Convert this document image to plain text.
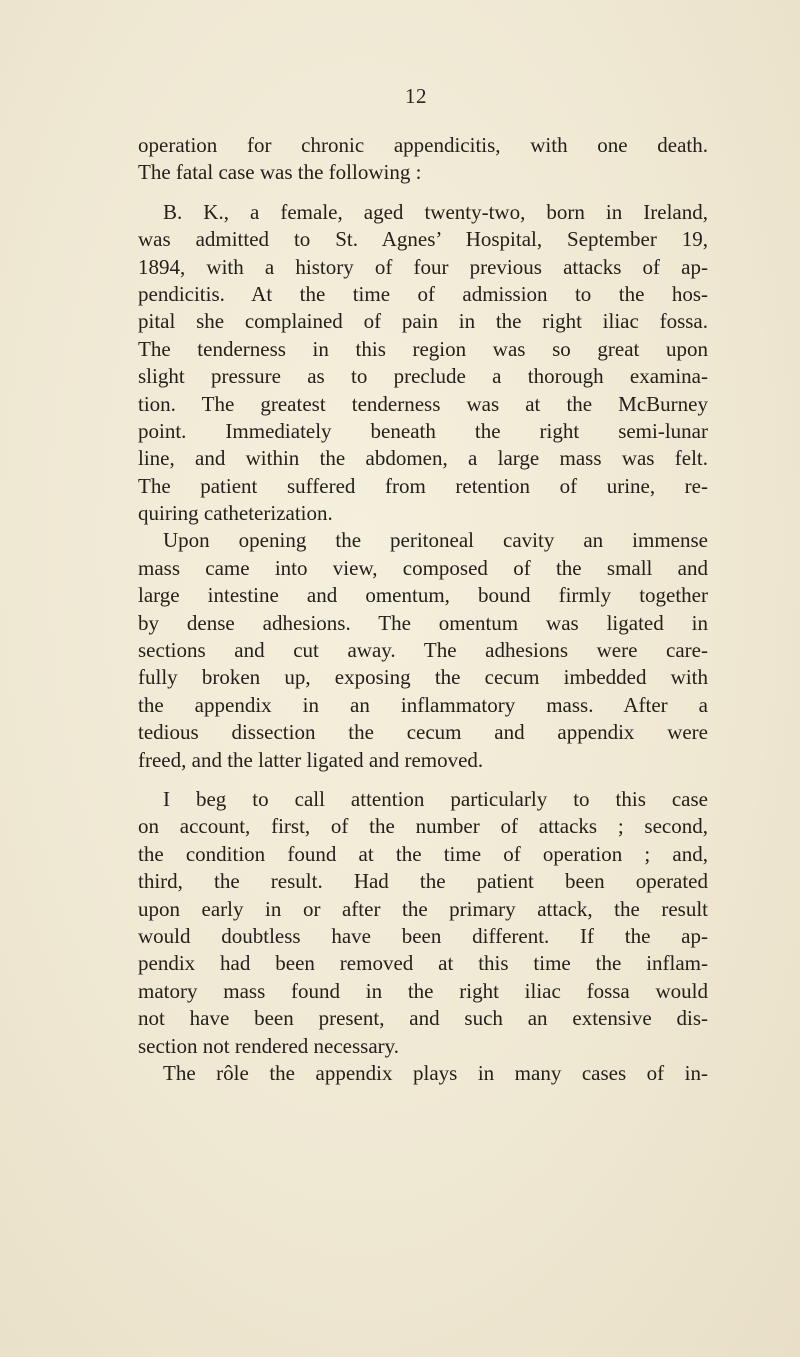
12
operation for chronic appendicitis, with one death.
The fatal case was the following :
B. K., a female, aged twenty-two, born in Ireland,
was admitted to St. Agnes’ Hospital, September 19,
1894, with a history of four previous attacks of ap-
pendicitis. At the time of admission to the hos-
pital she complained of pain in the right iliac fossa.
The tenderness in this region was so great upon
slight pressure as to preclude a thorough examina-
tion. The greatest tenderness was at the McBurney
point. Immediately beneath the right semi-lunar
line, and within the abdomen, a large mass was felt.
The patient suffered from retention of urine, re-
quiring catheterization.
Upon opening the peritoneal cavity an immense
mass came into view, composed of the small and
large intestine and omentum, bound firmly together
by dense adhesions. The omentum was ligated in
sections and cut away. The adhesions were care-
fully broken up, exposing the cecum imbedded with
the appendix in an inflammatory mass. After a
tedious dissection the cecum and appendix were
freed, and the latter ligated and removed.
I beg to call attention particularly to this case
on account, first, of the number of attacks ; second,
the condition found at the time of operation ; and,
third, the result. Had the patient been operated
upon early in or after the primary attack, the result
would doubtless have been different. If the ap-
pendix had been removed at this time the inflam-
matory mass found in the right iliac fossa would
not have been present, and such an extensive dis-
section not rendered necessary.
The rôle the appendix plays in many cases of in-
